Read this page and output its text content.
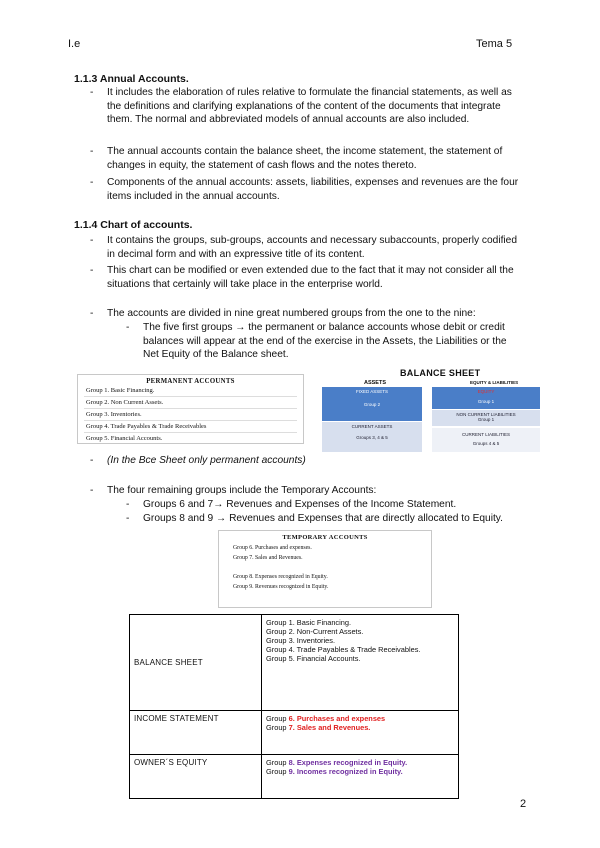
I.e	Tema 5
1.1.3 Annual Accounts.
- It includes the elaboration of rules relative to formulate the financial statements, as well as the definitions and clarifying explanations of the content of the documents that integrate them. The normal and abbreviated models of annual accounts are also included.
- The annual accounts contain the balance sheet, the income statement, the statement of changes in equity, the statement of cash flows and the notes thereto.
- Components of the annual accounts: assets, liabilities, expenses and revenues are the four items included in the annual accounts.
1.1.4 Chart of accounts.
- It contains the groups, sub-groups, accounts and necessary subaccounts, properly codified in decimal form and with an expressive title of its content.
- This chart can be modified or even extended due to the fact that it may not consider all the situations that certainly will take place in the enterprise world.
- The accounts are divided in nine great numbered groups from the one to the nine:
- The five first groups → the permanent or balance accounts whose debit or credit balances will appear at the end of the exercise in the Assets, the Liabilities or the Net Equity of the Balance sheet.
PERMANENT ACCOUNTS
Group 1. Basic Financing.
Group 2. Non Current Assets.
Group 3. Inventories.
Group 4. Trade Payables & Trade Receivables
Group 5. Financial Accounts.
BALANCE SHEET
ASSETS	EQUITY & LIABILITIES
FIXED ASSETS
Group 2
CURRENT ASSETS
Groups 3, 4 & 5
EQUITY
Group 1
NON CURRENT LIABILITIES
Group 1
CURRENT LIABILITIES
Groups 4 & 5
- (In the Bce Sheet only permanent accounts)
- The four remaining groups include the Temporary Accounts:
- Groups 6 and 7→ Revenues and Expenses of the Income Statement.
- Groups 8 and 9 → Revenues and Expenses that are directly allocated to Equity.
TEMPORARY ACCOUNTS
Group 6. Purchases and expenses.
Group 7. Sales and Revenues.
Group 8. Expenses recognized in Equity.
Group 9. Revenues recognized in Equity.
BALANCE SHEET	Group 1. Basic Financing.
Group 2. Non-Current Assets.
Group 3. Inventories.
Group 4. Trade Payables & Trade Receivables.
Group 5. Financial Accounts.

INCOME STATEMENT	Group 6. Purchases and expenses
Group 7. Sales and Revenues.

OWNER´S EQUITY	Group 8. Expenses recognized in Equity.
Group 9. Incomes recognized in Equity.
2
